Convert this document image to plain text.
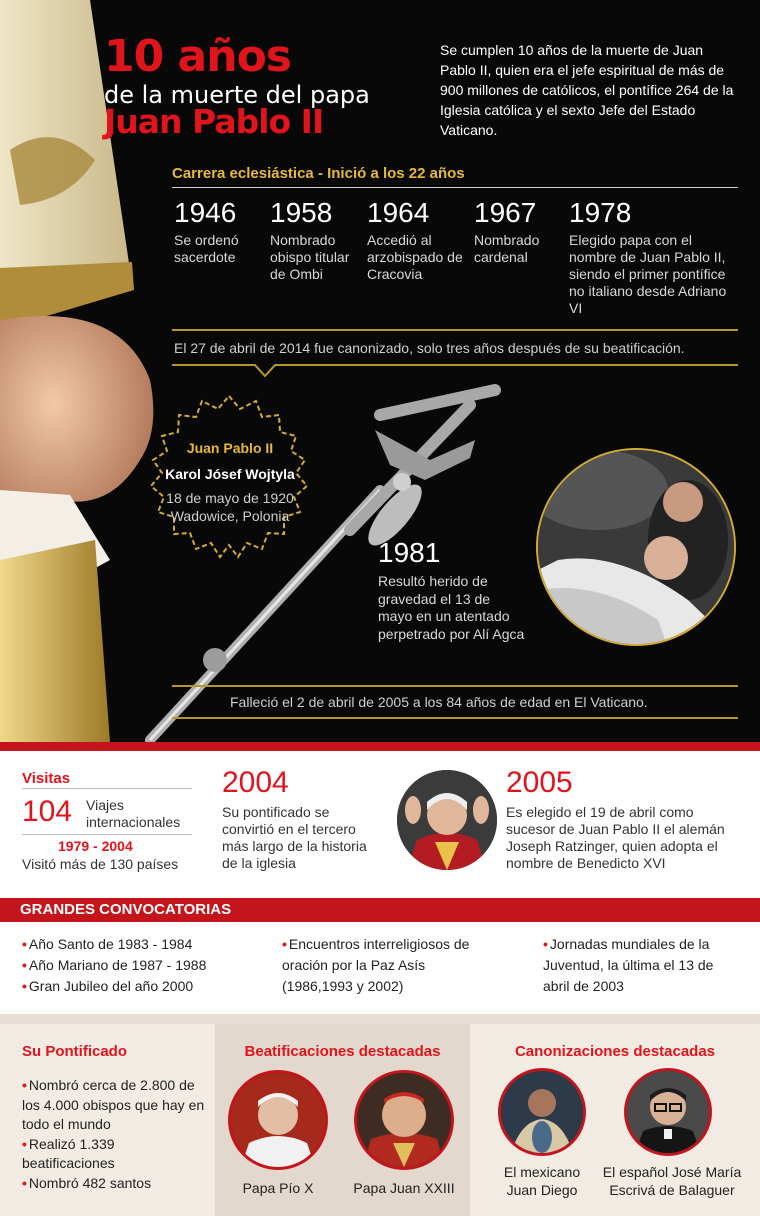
10 años
de la muerte del papa
Juan Pablo II
Se cumplen 10 años de la muerte de Juan Pablo II, quien era el jefe espiritual de más de 900 millones de católicos, el pontífice 264 de la Iglesia católica y el sexto Jefe del Estado Vaticano.
Carrera eclesiástica - Inició a los 22 años
1946
Se ordenó sacerdote
1958
Nombrado obispo titular de Ombi
1964
Accedió al arzobispado de Cracovia
1967
Nombrado cardenal
1978
Elegido papa con el nombre de Juan Pablo II, siendo el primer pontífice no italiano desde Adriano VI
El 27 de abril de 2014 fue canonizado, solo tres años después de su beatificación.
Juan Pablo II
Karol Jósef Wojtyla
18 de mayo de 1920
Wadowice, Polonia
1981
Resultó herido de gravedad el 13 de mayo en un atentado perpetrado por Alí Agca
Falleció el 2 de abril de 2005 a los 84 años de edad en El Vaticano.
Visitas
104 Viajes internacionales
1979 - 2004
Visitó más de 130 países
2004
Su pontificado se convirtió en el tercero más largo de la historia de la iglesia
2005
Es elegido el 19 de abril como sucesor de Juan Pablo II el alemán Joseph Ratzinger, quien adopta el nombre de Benedicto XVI
GRANDES CONVOCATORIAS
• Año Santo de 1983 - 1984
• Año Mariano de 1987 - 1988
• Gran Jubileo del año 2000
• Encuentros interreligiosos de oración por la Paz Asís (1986,1993 y 2002)
• Jornadas mundiales de la Juventud, la última el 13 de abril de 2003
Su Pontificado
• Nombró cerca de 2.800 de los 4.000 obispos que hay en todo el mundo
• Realizó 1.339 beatificaciones
• Nombró 482 santos
Beatificaciones destacadas
Papa Pío X	Papa Juan XXIII
Canonizaciones destacadas
El mexicano Juan Diego
El español José María Escrivá de Balaguer
